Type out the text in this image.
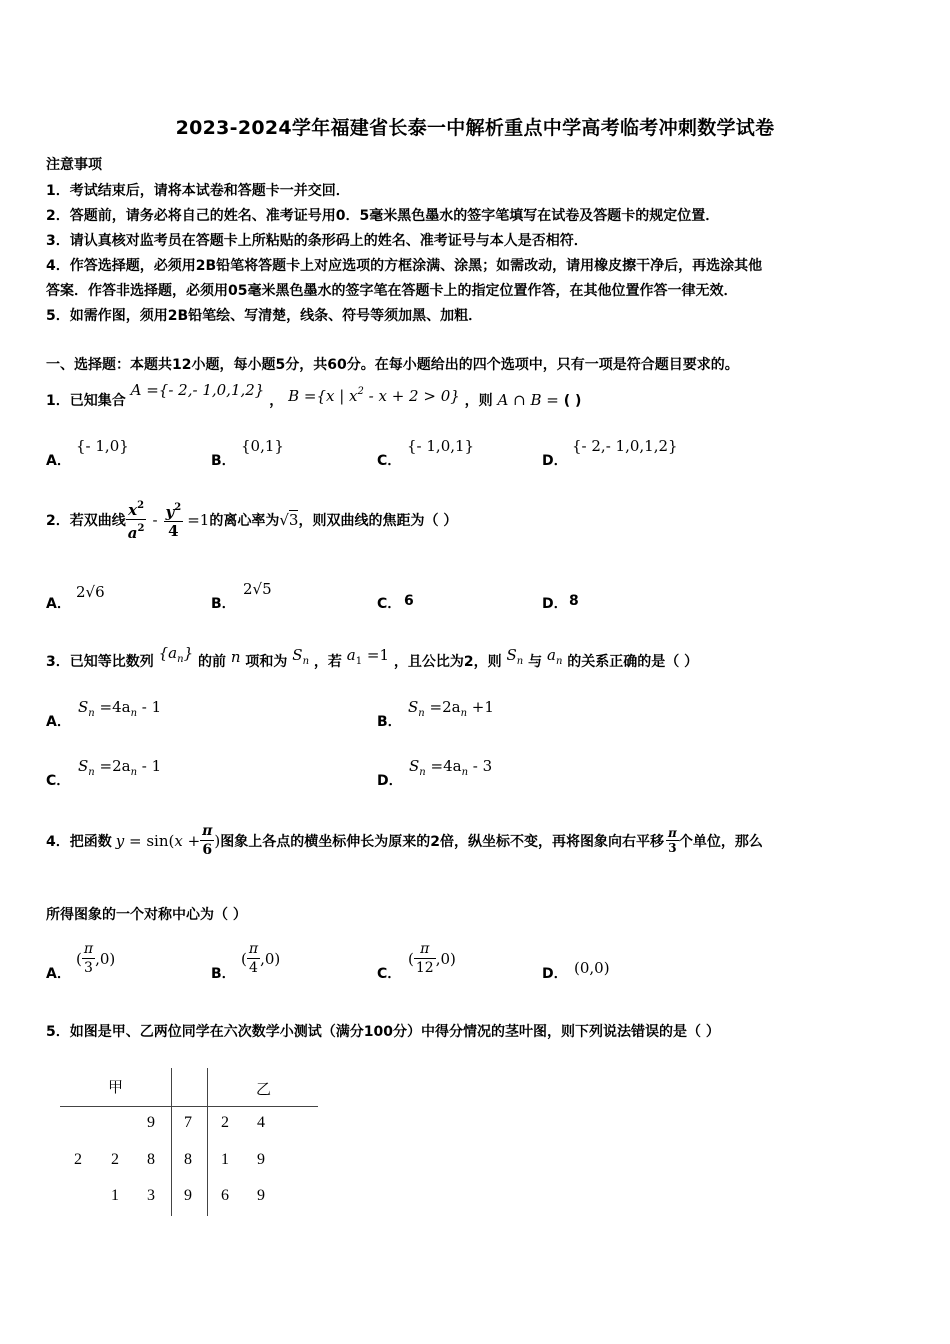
2023-2024学年福建省长泰一中解析重点中学高考临考冲刺数学试卷
注意事项
1．考试结束后，请将本试卷和答题卡一并交回．
2．答题前，请务必将自己的姓名、准考证号用0．5毫米黑色墨水的签字笔填写在试卷及答题卡的规定位置．
3．请认真核对监考员在答题卡上所粘贴的条形码上的姓名、准考证号与本人是否相符．
4．作答选择题，必须用2B铅笔将答题卡上对应选项的方框涂满、涂黑；如需改动，请用橡皮擦干净后，再选涂其他
答案．作答非选择题，必须用05毫米黑色墨水的签字笔在答题卡上的指定位置作答，在其他位置作答一律无效．
5．如需作图，须用2B铅笔绘、写清楚，线条、符号等须加黑、加粗．
一、选择题：本题共12小题，每小题5分，共60分。在每小题给出的四个选项中，只有一项是符合题目要求的。
1．已知集合 A ={- 2,- 1,0,1,2} ， B ={x | $x^2 - x + 2 > 0$} ，则 A ∩ B = ( )
A．
{- 1,0}
B．
{0,1}
C．
{- 1,0,1}
D．
{- 2,- 1,0,1,2}
2．若双曲线 $\frac{x^2}{a^2} - \frac{y^2}{4} =1$ 的离心率为 √3 ，则双曲线的焦距为（ ）
A．
2√6
B．
2√5
C． 6	D． 8
3．已知等比数列 $\{a_n\}$ 的前 n 项和为 $S_n$ ，若 $a_1 =1$ ，且公比为2，则 $S_n$ 与 $a_n$ 的关系正确的是（ ）
A．
$S_n =4a_n - 1$
B．
$S_n =2a_n +1$
C．
$S_n =2a_n - 1$
D．
$S_n =4a_n - 3$
4．把函数 $y = \sin(x + \frac{\pi}{6}$ ) 图象上各点的横坐标伸长为原来的2倍，纵坐标不变，再将图象向右平移 $\frac{\pi}{3}$ 个单位，那么
所得图象的一个对称中心为（ ）
A．
( $\frac{\pi}{3} ,0$)
B．
( $\frac{\pi}{4} ,0$)
C．
( $\frac{\pi}{12} ,0$)
D． (0,0)
5．如图是甲、乙两位同学在六次数学小测试（满分100分）中得分情况的茎叶图，则下列说法错误的是（ ）
甲	乙
9 7 2 4
2 2 8 8 1 9
1 3 9 6 9
